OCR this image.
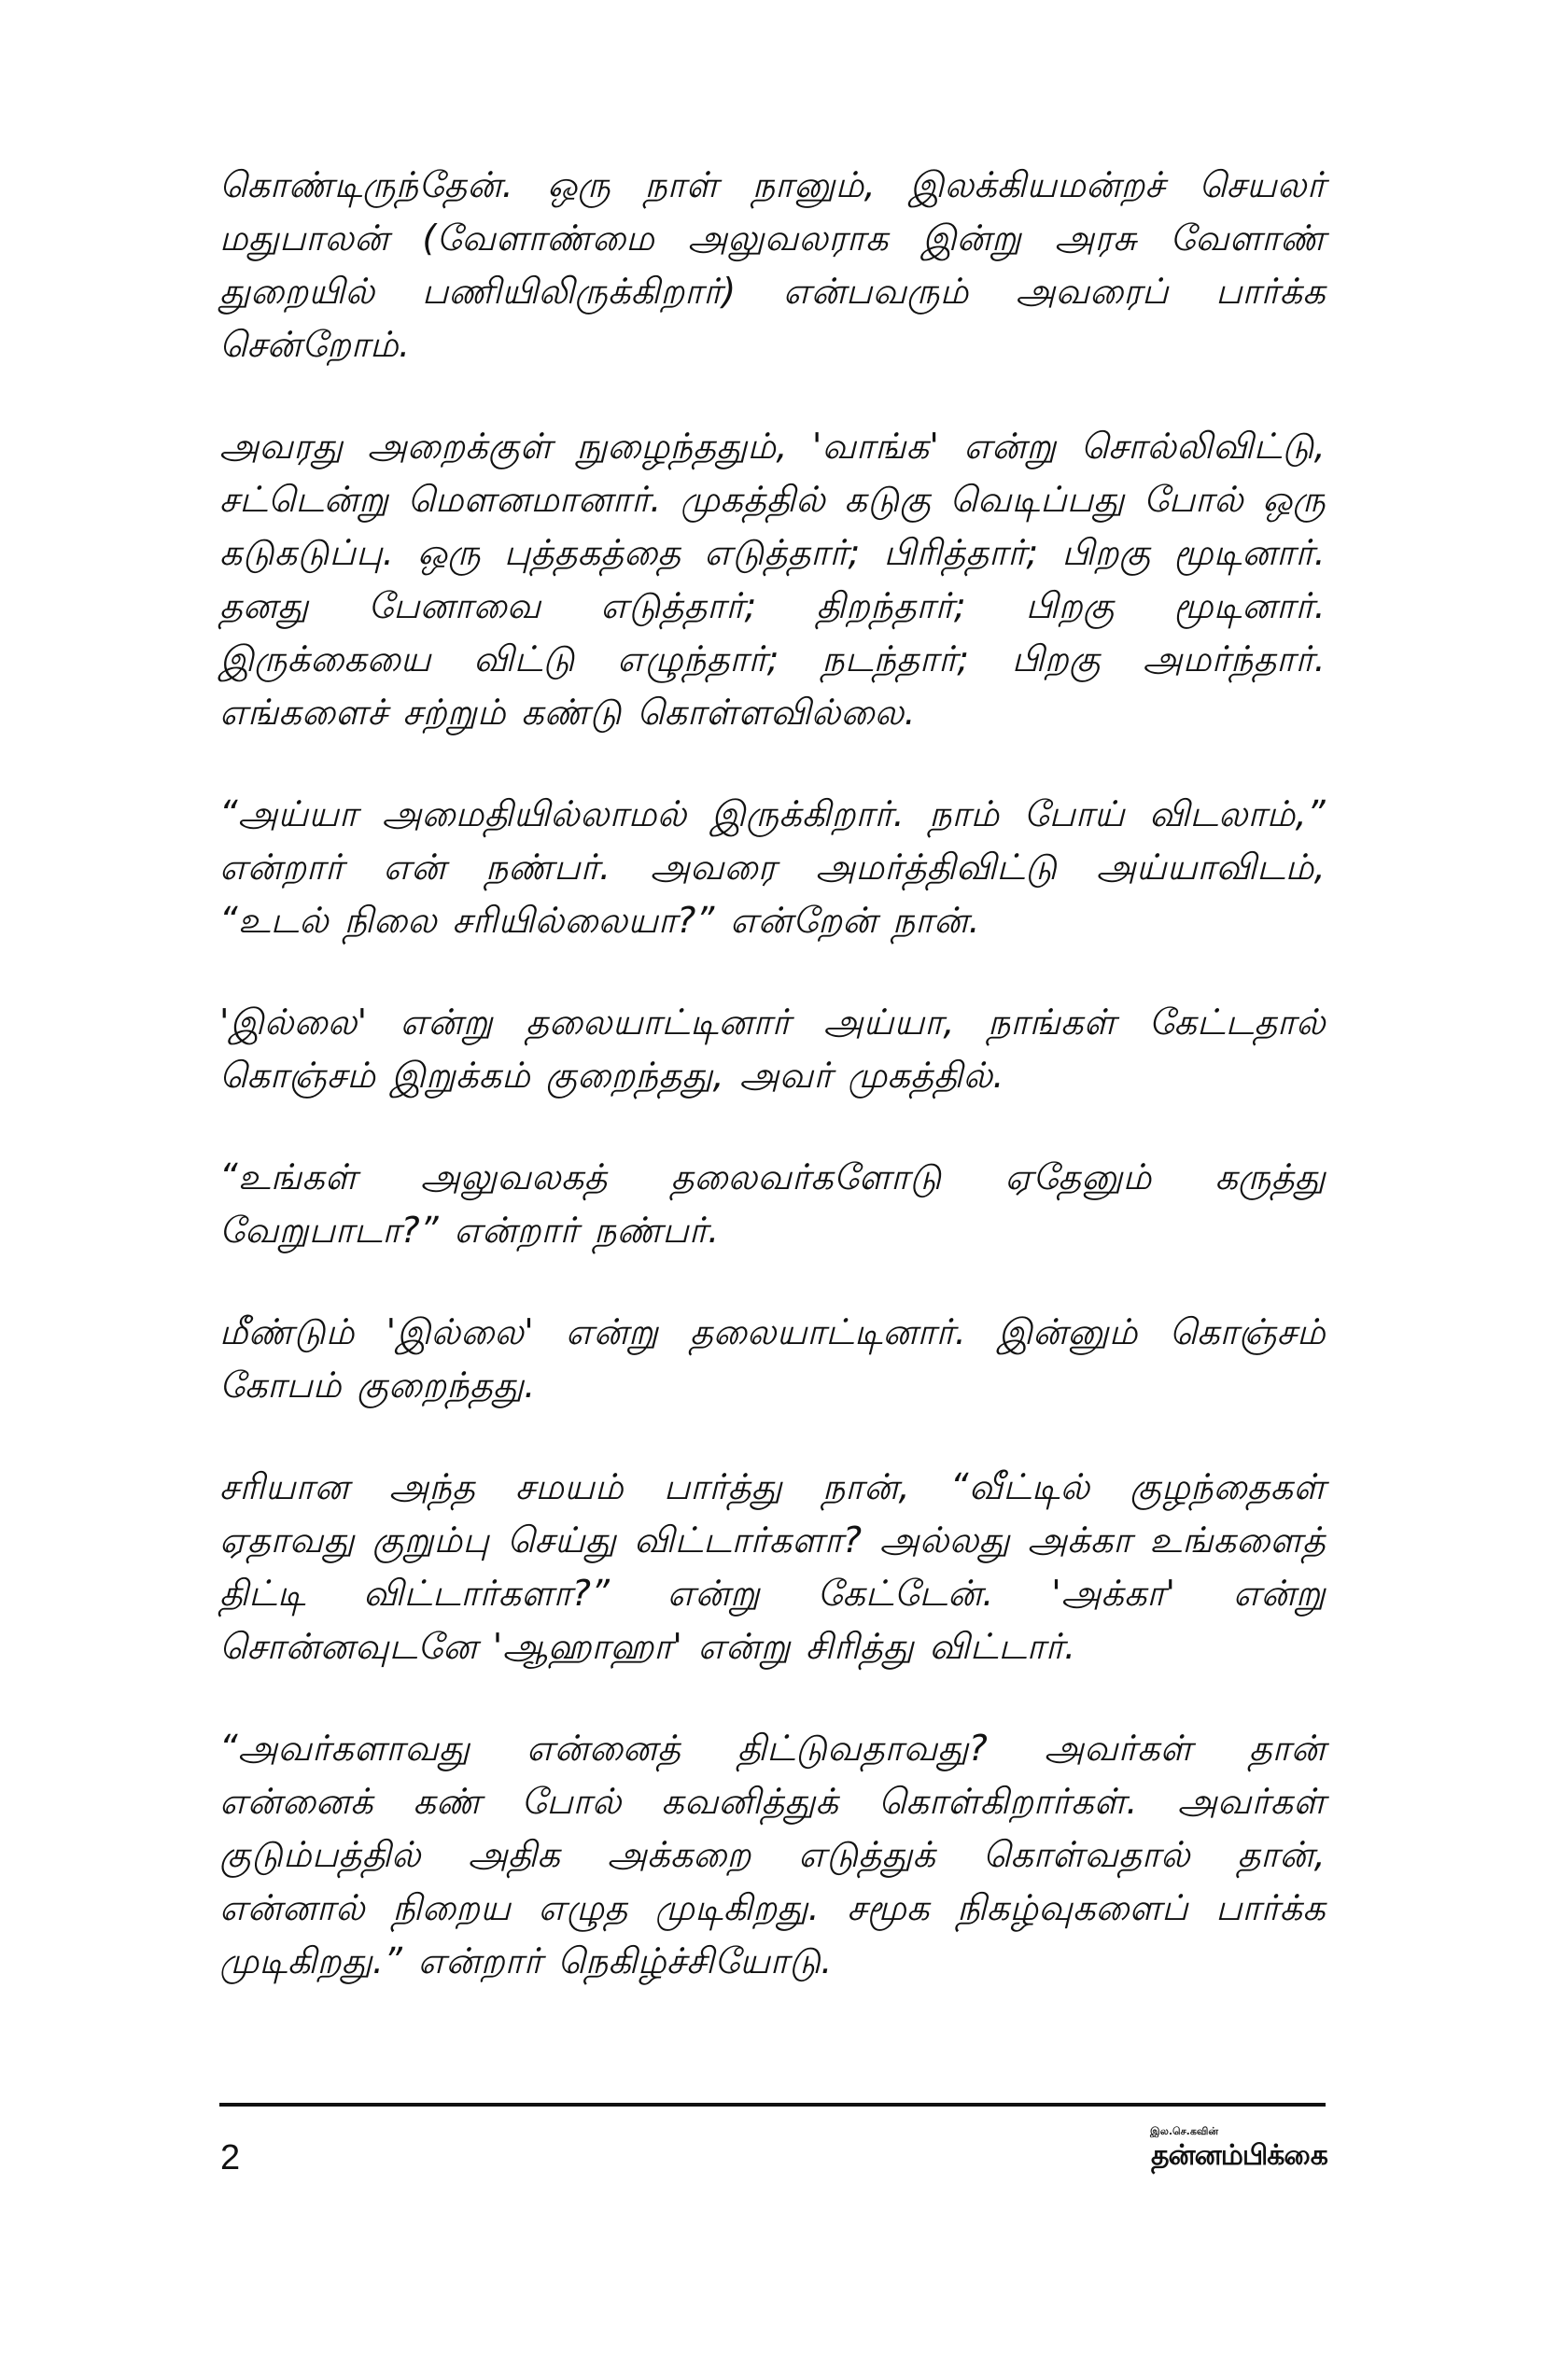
கொண்டிருந்தேன். ஒரு நாள் நானும், இலக்கியமன்றச் செயலர் மதுபாலன் (வேளாண்மை அலுவலராக இன்று அரசு வேளாண் துறையில் பணியிலிருக்கிறார்) என்பவரும் அவரைப் பார்க்க சென்றோம்.

அவரது அறைக்குள் நுழைந்ததும், 'வாங்க' என்று சொல்லிவிட்டு, சட்டென்று மௌனமானார். முகத்தில் கடுகு வெடிப்பது போல் ஒரு கடுகடுப்பு. ஒரு புத்தகத்தை எடுத்தார்; பிரித்தார்; பிறகு மூடினார். தனது பேனாவை எடுத்தார்; திறந்தார்; பிறகு மூடினார். இருக்கையை விட்டு எழுந்தார்; நடந்தார்; பிறகு அமர்ந்தார். எங்களைச் சற்றும் கண்டு கொள்ளவில்லை.

“அய்யா அமைதியில்லாமல் இருக்கிறார். நாம் போய் விடலாம்,” என்றார் என் நண்பர். அவரை அமர்த்திவிட்டு அய்யாவிடம், “உடல் நிலை சரியில்லையா?” என்றேன் நான்.

'இல்லை' என்று தலையாட்டினார் அய்யா, நாங்கள் கேட்டதால் கொஞ்சம் இறுக்கம் குறைந்தது, அவர் முகத்தில்.

“உங்கள் அலுவலகத் தலைவர்களோடு ஏதேனும் கருத்து வேறுபாடா?” என்றார் நண்பர்.

மீண்டும் 'இல்லை' என்று தலையாட்டினார். இன்னும் கொஞ்சம் கோபம் குறைந்தது.

சரியான அந்த சமயம் பார்த்து நான், “வீட்டில் குழந்தைகள் ஏதாவது குறும்பு செய்து விட்டார்களா? அல்லது அக்கா உங்களைத் திட்டி விட்டார்களா?” என்று கேட்டேன். 'அக்கா' என்று சொன்னவுடனே 'ஆஹாஹா' என்று சிரித்து விட்டார்.

“அவர்களாவது என்னைத் திட்டுவதாவது? அவர்கள் தான் என்னைக் கண் போல் கவனித்துக் கொள்கிறார்கள். அவர்கள் குடும்பத்தில் அதிக அக்கறை எடுத்துக் கொள்வதால் தான், என்னால் நிறைய எழுத முடிகிறது. சமூக நிகழ்வுகளைப் பார்க்க முடிகிறது.” என்றார் நெகிழ்ச்சியோடு.

2
இல.செ.கவின்
தன்னம்பிக்கை
